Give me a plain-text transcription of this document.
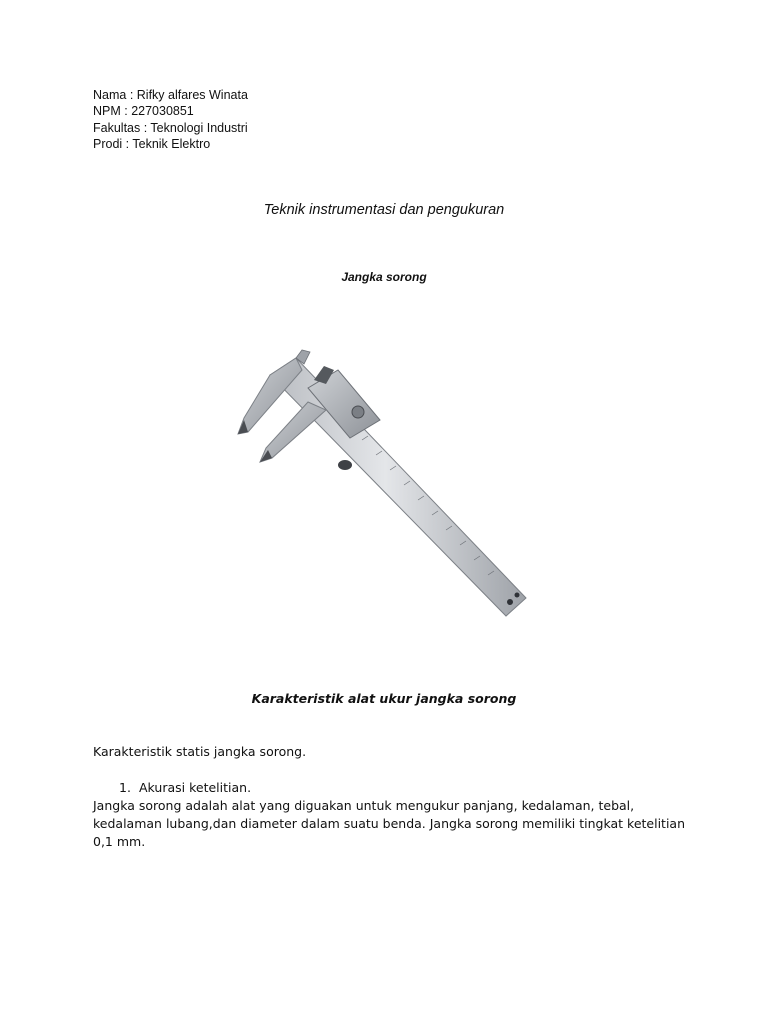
Nama : Rifky alfares Winata
NPM : 227030851
Fakultas : Teknologi Industri
Prodi : Teknik Elektro
Teknik instrumentasi dan pengukuran
Jangka sorong
Karakteristik alat ukur jangka sorong
Karakteristik statis jangka sorong.
1. Akurasi ketelitian.
Jangka sorong adalah alat yang diguakan untuk mengukur panjang, kedalaman, tebal, kedalaman lubang,dan diameter dalam suatu benda. Jangka sorong memiliki tingkat ketelitian 0,1 mm.
